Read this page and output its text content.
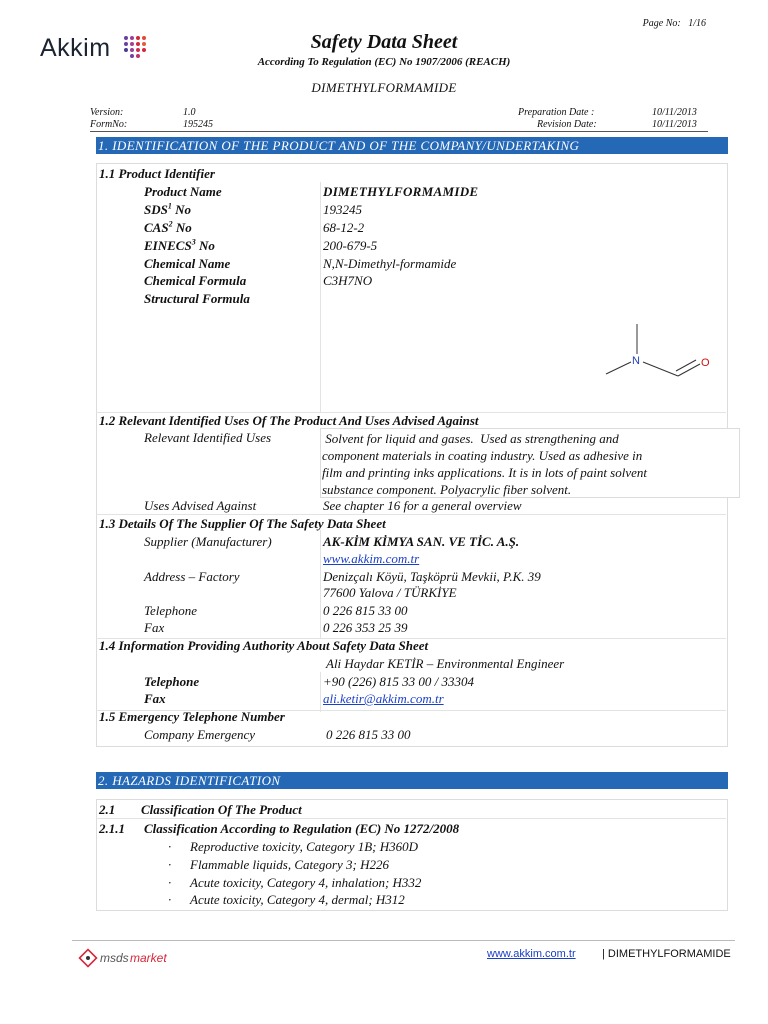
Akkim
Page No: 1/16
Safety Data Sheet
According To Regulation (EC) No 1907/2006 (REACH)
DIMETHYLFORMAMIDE
Version:	1.0
FormNo:	195245
Preparation Date :	10/11/2013
Revision Date:	10/11/2013
1. IDENTIFICATION OF THE PRODUCT AND OF THE COMPANY/UNDERTAKING
1.1 Product Identifier
Product Name	DIMETHYLFORMAMIDE
SDS$^1$ No	193245
CAS$^2$ No	68-12-2
EINECS$^3$ No	200-679-5
Chemical Name	N,N-Dimethyl-formamide
Chemical Formula	C3H7NO
Structural Formula
N	O
1.2 Relevant Identified Uses Of The Product And Uses Advised Against
Relevant Identified Uses	Solvent for liquid and gases.  Used as strengthening and
component materials in coating industry. Used as adhesive in
film and printing inks applications. It is in lots of paint solvent
substance component. Polyacrylic fiber solvent.
Uses Advised Against	See chapter 16 for a general overview
1.3 Details Of The Supplier Of The Safety Data Sheet
Supplier (Manufacturer)	AK-KİM KİMYA SAN. VE TİC. A.Ş.
www.akkim.com.tr
Address – Factory	Denizçalı Köyü, Taşköprü Mevkii, P.K. 39
77600 Yalova / TÜRKİYE
Telephone	0 226 815 33 00
Fax	0 226 353 25 39
1.4 Information Providing Authority About Safety Data Sheet
Ali Haydar KETİR – Environmental Engineer
Telephone	+90 (226) 815 33 00 / 33304
Fax	ali.ketir@akkim.com.tr
1.5 Emergency Telephone Number
Company Emergency	0 226 815 33 00
2. HAZARDS IDENTIFICATION
2.1 Classification Of The Product
2.1.1 Classification According to Regulation (EC) No 1272/2008
· Reproductive toxicity, Category 1B; H360D
· Flammable liquids, Category 3; H226
· Acute toxicity, Category 4, inhalation; H332
· Acute toxicity, Category 4, dermal; H312
msds market	www.akkim.com.tr | DIMETHYLFORMAMIDE
